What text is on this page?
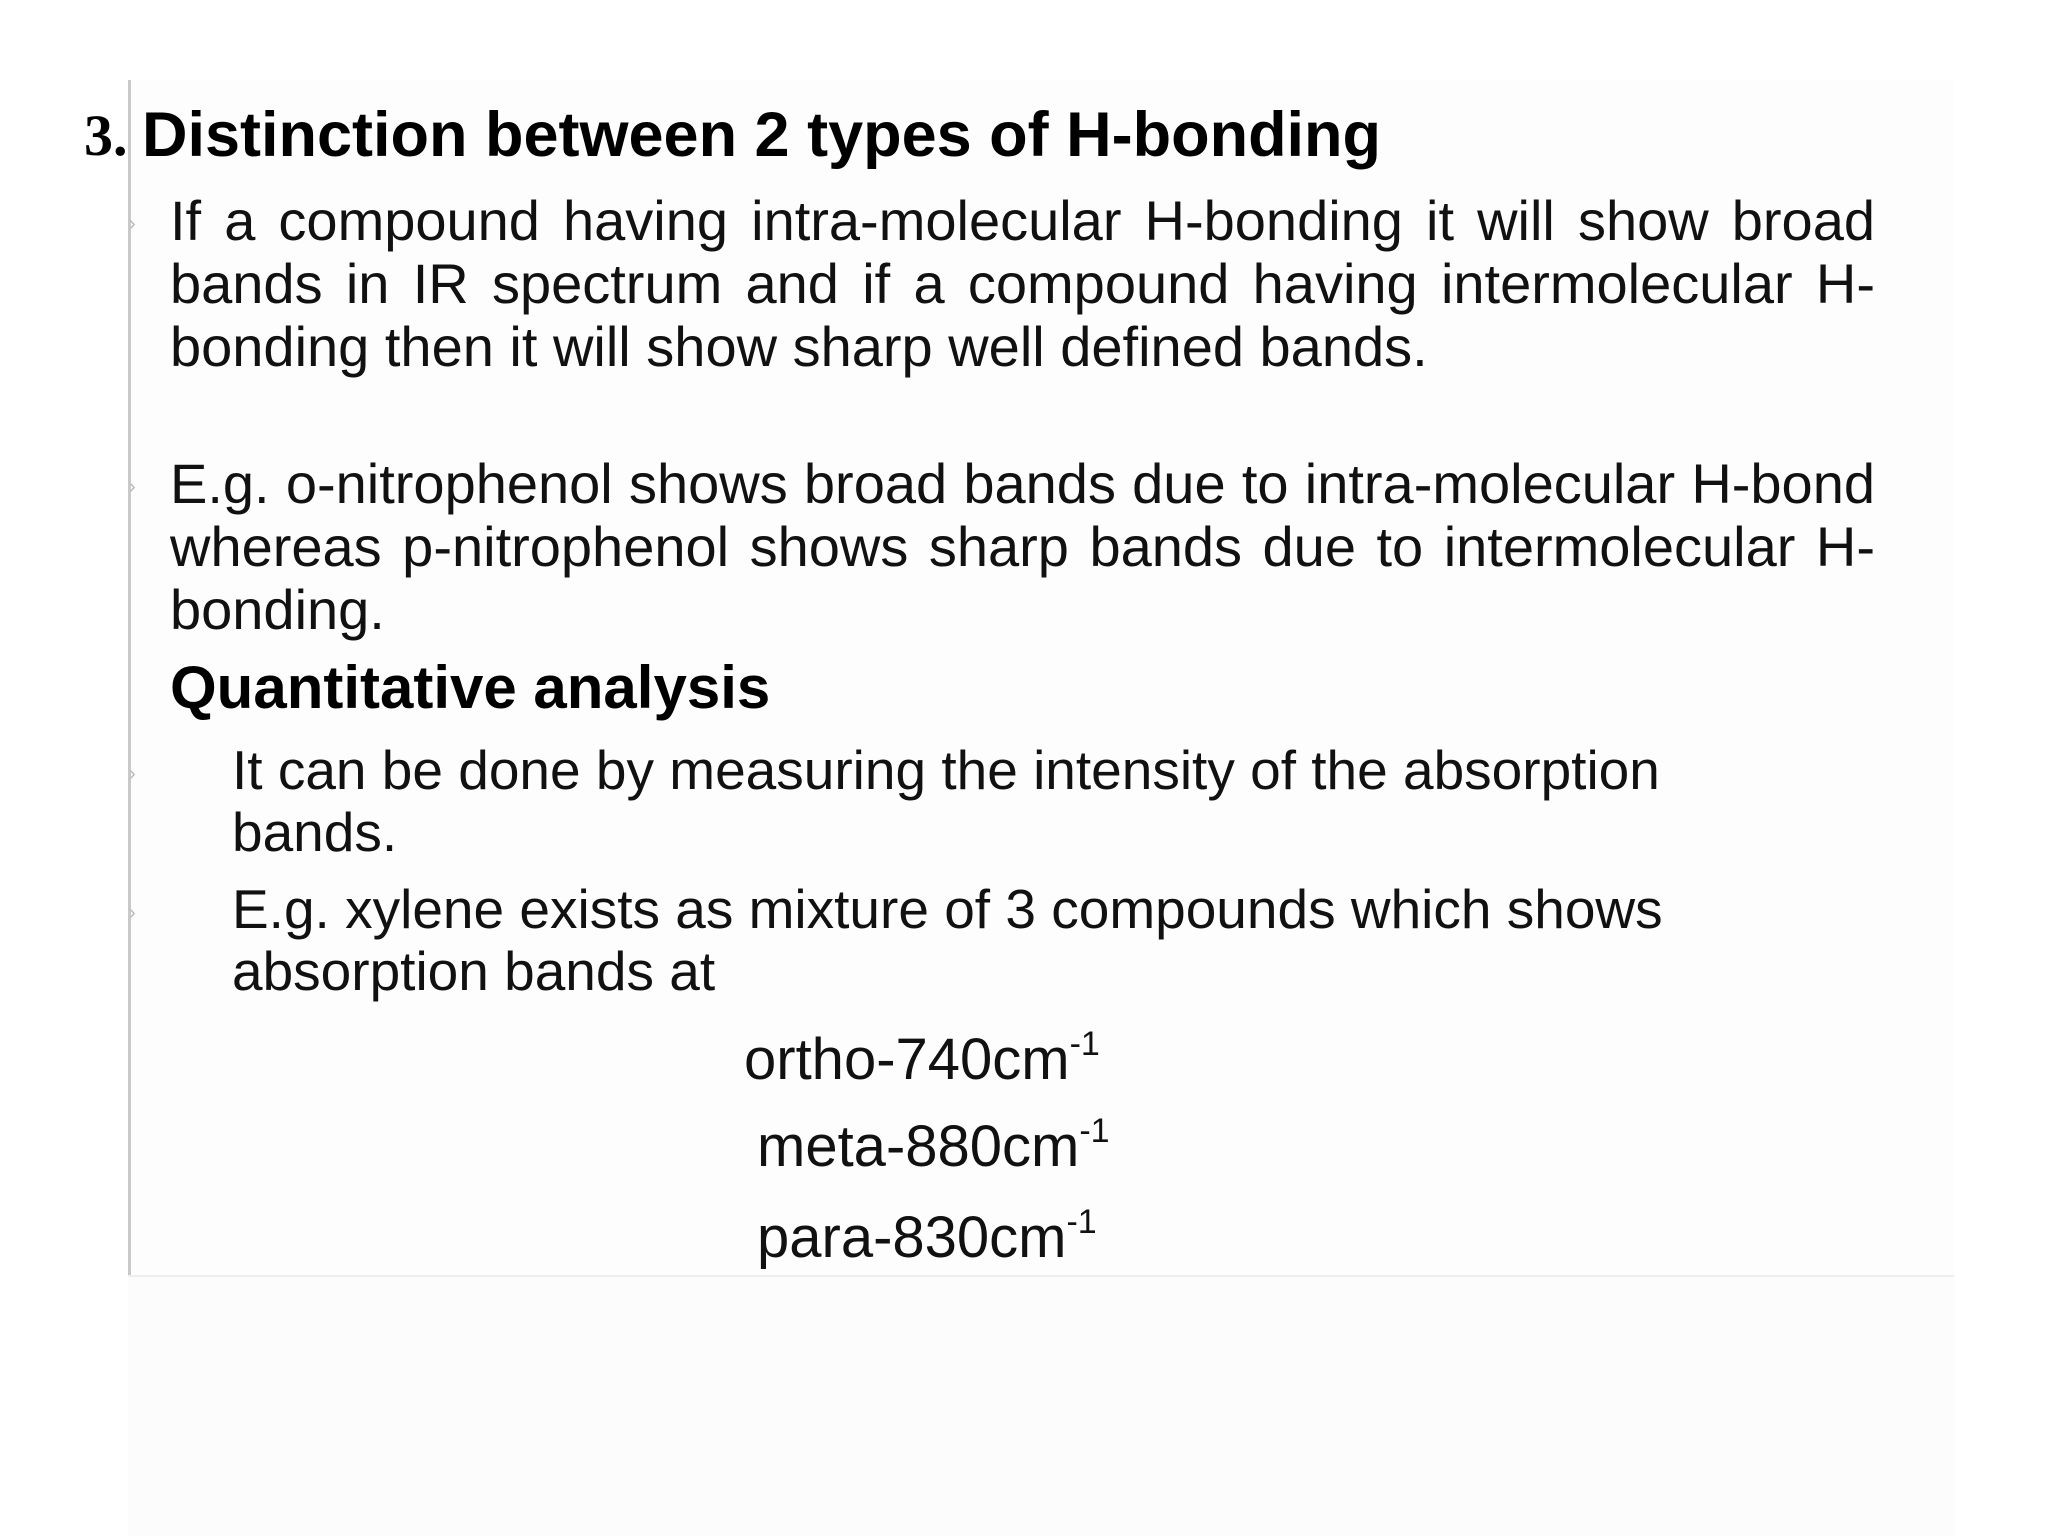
3. Distinction between 2 types of H-bonding
› If a compound having intra-molecular H-bonding it will show broad bands in IR spectrum and if a compound having intermolecular H-bonding then it will show sharp well defined bands.
› E.g. o-nitrophenol shows broad bands due to intra-molecular H-bond whereas p-nitrophenol shows sharp bands due to intermolecular H-bonding.
Quantitative analysis
› It can be done by measuring the intensity of the absorption bands.
› E.g. xylene exists as mixture of 3 compounds which shows absorption bands at
ortho-$740cm^{-1}$
meta-$880cm^{-1}$
para-$830cm^{-1}$
